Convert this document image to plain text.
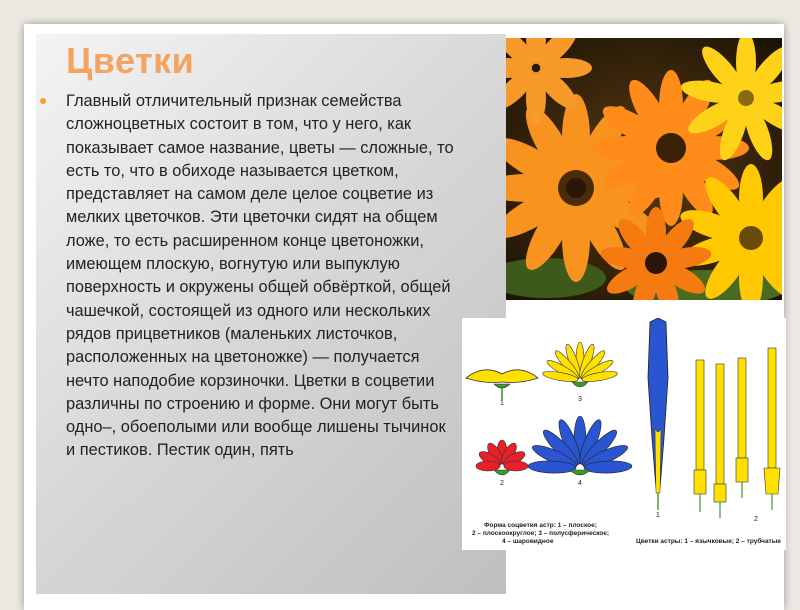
Цветки

Главный отличительный признак семейства сложноцветных состоит в том, что у него, как показывает самое название, цветы — сложные, то есть то, что в обиходе называется цветком, представляет на самом деле целое соцветие из мелких цветочков. Эти цветочки сидят на общем ложе, то есть расширенном конце цветоножки, имеющем плоскую, вогнутую или выпуклую поверхность и окружены общей обвёрткой, общей чашечкой, состоящей из одного или нескольких рядов прицветников (маленьких листочков, расположенных на цветоножке) — получается нечто наподобие корзиночки. Цветки в соцветии различны по строению и форме. Они могут быть одно–, обоеполыми или вообще лишены тычинок и пестиков. Пестик один, пять

1
3
2	4
1
2
Форма соцветия астр: 1 – плоское;
2 – плоскоокруглое; 3 – полусферическое;
4 – шаровидное	Цветки астры: 1 – язычковые; 2 – трубчатые
